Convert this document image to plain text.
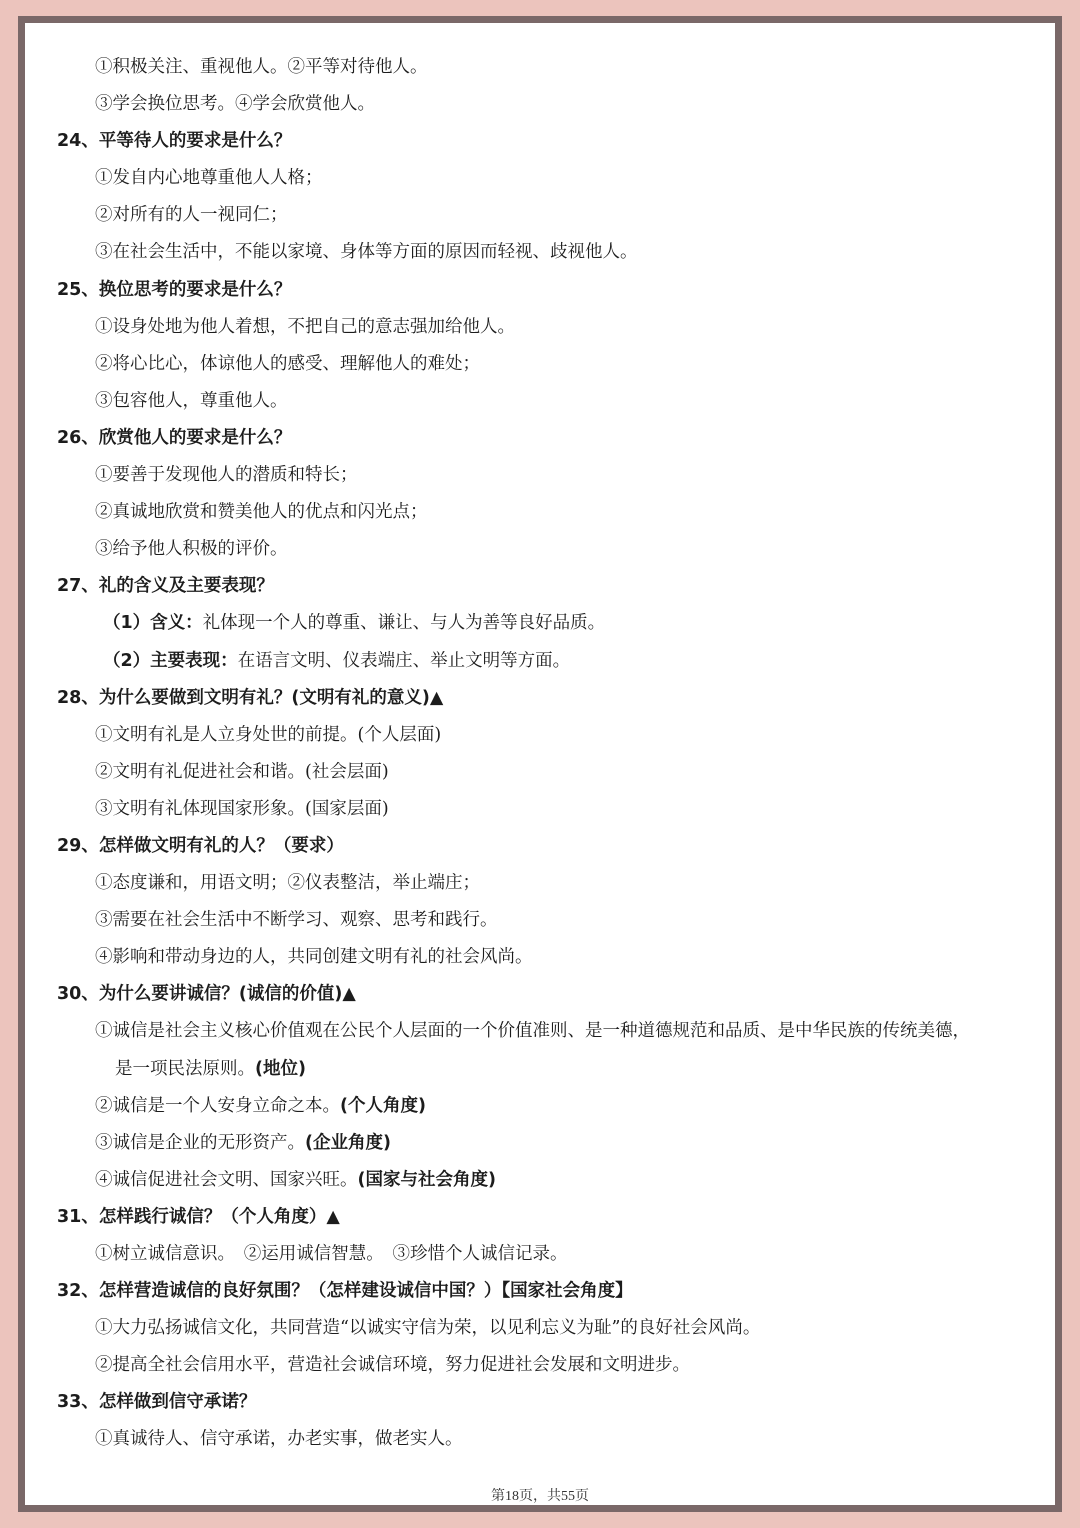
①积极关注、重视他人。②平等对待他人。
③学会换位思考。④学会欣赏他人。
24、平等待人的要求是什么？
①发自内心地尊重他人人格；
②对所有的人一视同仁；
③在社会生活中，不能以家境、身体等方面的原因而轻视、歧视他人。
25、换位思考的要求是什么？
①设身处地为他人着想，不把自己的意志强加给他人。
②将心比心，体谅他人的感受、理解他人的难处；
③包容他人，尊重他人。
26、欣赏他人的要求是什么？
①要善于发现他人的潜质和特长；
②真诚地欣赏和赞美他人的优点和闪光点；
③给予他人积极的评价。
27、礼的含义及主要表现？
（1）含义：礼体现一个人的尊重、谦让、与人为善等良好品质。
（2）主要表现：在语言文明、仪表端庄、举止文明等方面。
28、为什么要做到文明有礼？(文明有礼的意义)▲
①文明有礼是人立身处世的前提。(个人层面)
②文明有礼促进社会和谐。(社会层面)
③文明有礼体现国家形象。(国家层面)
29、怎样做文明有礼的人？（要求）
①态度谦和，用语文明；②仪表整洁，举止端庄；
③需要在社会生活中不断学习、观察、思考和践行。
④影响和带动身边的人，共同创建文明有礼的社会风尚。
30、为什么要讲诚信？(诚信的价值)▲
①诚信是社会主义核心价值观在公民个人层面的一个价值准则、是一种道德规范和品质、是中华民族的传统美德，
是一项民法原则。(地位)
②诚信是一个人安身立命之本。(个人角度)
③诚信是企业的无形资产。(企业角度)
④诚信促进社会文明、国家兴旺。(国家与社会角度)
31、怎样践行诚信？（个人角度）▲
①树立诚信意识。　②运用诚信智慧。　③珍惜个人诚信记录。
32、怎样营造诚信的良好氛围？（怎样建设诚信中国？）【国家社会角度】
①大力弘扬诚信文化，共同营造“以诚实守信为荣，以见利忘义为耻”的良好社会风尚。
②提高全社会信用水平，营造社会诚信环境，努力促进社会发展和文明进步。
33、怎样做到信守承诺？
①真诚待人、信守承诺，办老实事，做老实人。
第18页，共55页
